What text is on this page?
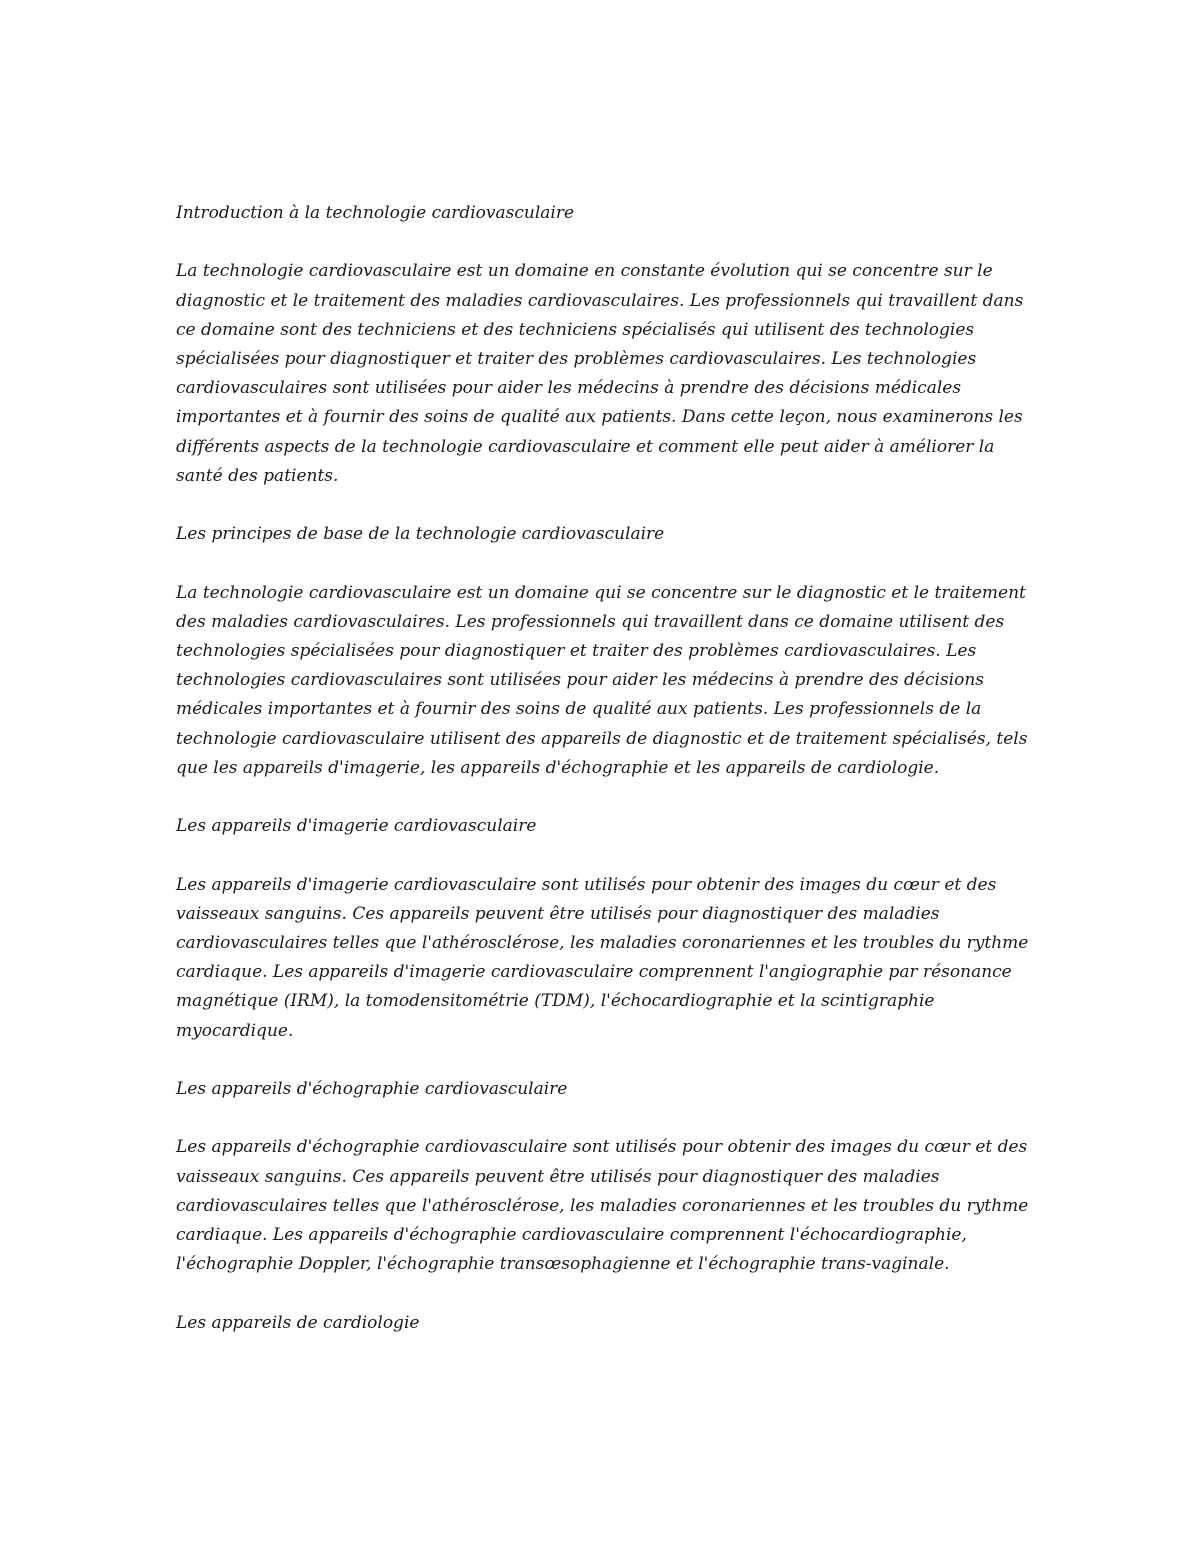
Introduction à la technologie cardiovasculaire

La technologie cardiovasculaire est un domaine en constante évolution qui se concentre sur le diagnostic et le traitement des maladies cardiovasculaires. Les professionnels qui travaillent dans ce domaine sont des techniciens et des techniciens spécialisés qui utilisent des technologies spécialisées pour diagnostiquer et traiter des problèmes cardiovasculaires. Les technologies cardiovasculaires sont utilisées pour aider les médecins à prendre des décisions médicales importantes et à fournir des soins de qualité aux patients. Dans cette leçon, nous examinerons les différents aspects de la technologie cardiovasculaire et comment elle peut aider à améliorer la santé des patients.

Les principes de base de la technologie cardiovasculaire

La technologie cardiovasculaire est un domaine qui se concentre sur le diagnostic et le traitement des maladies cardiovasculaires. Les professionnels qui travaillent dans ce domaine utilisent des technologies spécialisées pour diagnostiquer et traiter des problèmes cardiovasculaires. Les technologies cardiovasculaires sont utilisées pour aider les médecins à prendre des décisions médicales importantes et à fournir des soins de qualité aux patients. Les professionnels de la technologie cardiovasculaire utilisent des appareils de diagnostic et de traitement spécialisés, tels que les appareils d'imagerie, les appareils d'échographie et les appareils de cardiologie.

Les appareils d'imagerie cardiovasculaire

Les appareils d'imagerie cardiovasculaire sont utilisés pour obtenir des images du cœur et des vaisseaux sanguins. Ces appareils peuvent être utilisés pour diagnostiquer des maladies cardiovasculaires telles que l'athérosclérose, les maladies coronariennes et les troubles du rythme cardiaque. Les appareils d'imagerie cardiovasculaire comprennent l'angiographie par résonance magnétique (IRM), la tomodensitométrie (TDM), l'échocardiographie et la scintigraphie myocardique.

Les appareils d'échographie cardiovasculaire

Les appareils d'échographie cardiovasculaire sont utilisés pour obtenir des images du cœur et des vaisseaux sanguins. Ces appareils peuvent être utilisés pour diagnostiquer des maladies cardiovasculaires telles que l'athérosclérose, les maladies coronariennes et les troubles du rythme cardiaque. Les appareils d'échographie cardiovasculaire comprennent l'échocardiographie, l'échographie Doppler, l'échographie transœsophagienne et l'échographie trans-vaginale.

Les appareils de cardiologie
